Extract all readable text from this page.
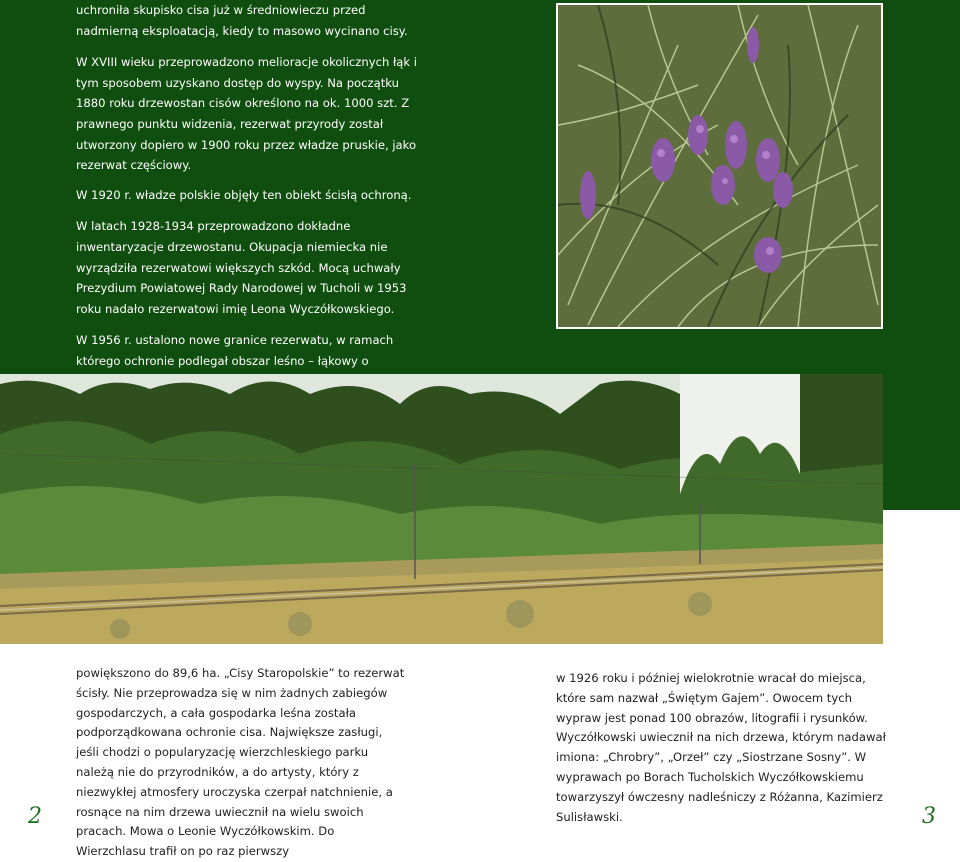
uchroniła skupisko cisa już w średniowieczu przed nadmierną eksploatacją, kiedy to masowo wycinano cisy.

W XVIII wieku przeprowadzono melioracje okolicznych łąk i tym sposobem uzyskano dostęp do wyspy. Na początku 1880 roku drzewostan cisów określono na ok. 1000 szt. Z prawnego punktu widzenia, rezerwat przyrody został utworzony dopiero w 1900 roku przez władze pruskie, jako rezerwat częściowy.

W 1920 r. władze polskie objęły ten obiekt ścisłą ochroną.

W latach 1928-1934 przeprowadzono dokładne inwentaryzacje drzewostanu. Okupacja niemiecka nie wyrządziła rezerwatowi większych szkód. Mocą uchwały Prezydium Powiatowej Rady Narodowej w Tucholi w 1953 roku nadało rezerwatowi imię Leona Wyczółkowskiego.

W 1956 r. ustalono nowe granice rezerwatu, w ramach którego ochronie podlegał obszar leśno – łąkowy o

powiększono do 89,6 ha. „Cisy Staropolskie” to rezerwat ścisły. Nie przeprowadza się w nim żadnych zabiegów gospodarczych, a cała gospodarka leśna została podporządkowana ochronie cisa. Największe zasługi, jeśli chodzi o popularyzację wierzchleskiego parku należą nie do przyrodników, a do artysty, który z niezwykłej atmosfery uroczyska czerpał natchnienie, a rosnące na nim drzewa uwiecznił na wielu swoich pracach. Mowa o Leonie Wyczółkowskim. Do Wierzchlasu trafił on po raz pierwszy

w 1926 roku i później wielokrotnie wracał do miejsca, które sam nazwał „Świętym Gajem”. Owocem tych wypraw jest ponad 100 obrazów, litografii i rysunków. Wyczółkowski uwiecznił na nich drzewa, którym nadawał imiona: „Chrobry”, „Orzeł” czy „Siostrzane Sosny”. W wyprawach po Borach Tucholskich Wyczółkowskiemu towarzyszył ówczesny nadleśniczy z Różanna, Kazimierz Sulisławski.

2	3
